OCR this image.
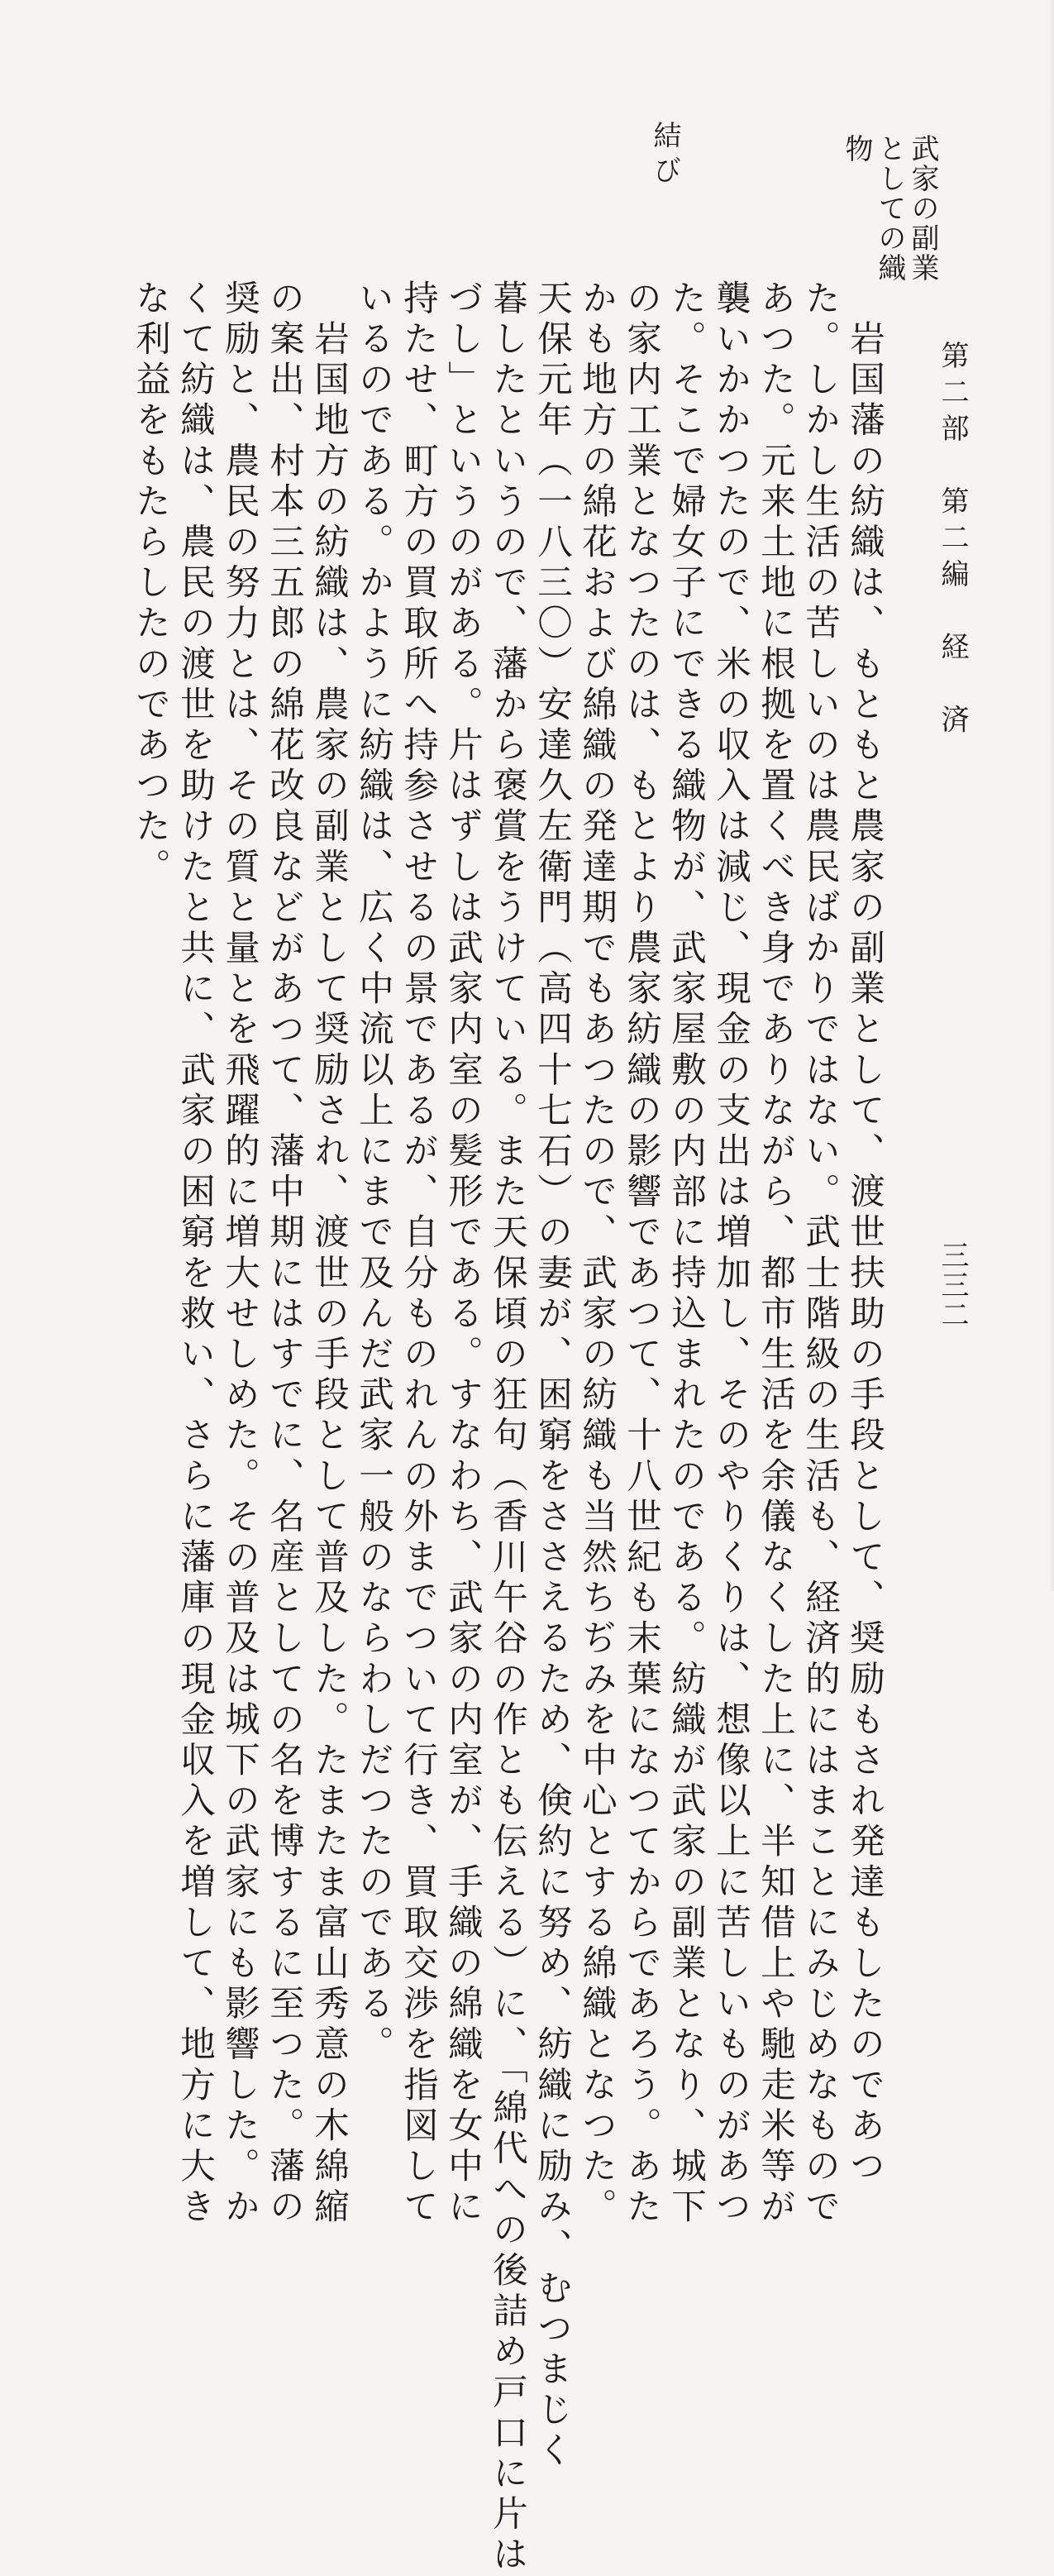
第二部　第二編　経　済
三三二
武家の副業
としての織
物
結び
　岩国藩の紡織は、もともと農家の副業として、渡世扶助の手段として、奨励もされ発達もしたのであつ
た。しかし生活の苦しいのは農民ばかりではない。武士階級の生活も、経済的にはまことにみじめなもので
あつた。元来土地に根拠を置くべき身でありながら、都市生活を余儀なくした上に、半知借上や馳走米等が
襲いかかつたので、米の収入は減じ、現金の支出は増加し、そのやりくりは、想像以上に苦しいものがあつ
た。そこで婦女子にできる織物が、武家屋敷の内部に持込まれたのである。紡織が武家の副業となり、城下
の家内工業となつたのは、もとより農家紡織の影響であつて、十八世紀も末葉になつてからであろう。あた
かも地方の綿花および綿織の発達期でもあつたので、武家の紡織も当然ちぢみを中心とする綿織となつた。
天保元年（一八三〇）安達久左衛門（高四十七石）の妻が、困窮をささえるため、倹約に努め、紡織に励み、むつまじく
暮したというので、藩から褒賞をうけている。また天保頃の狂句（香川午谷の作とも伝える）に、「綿代への後詰め戸口に片は
づし」というのがある。片はずしは武家内室の髪形である。すなわち、武家の内室が、手織の綿織を女中に
持たせ、町方の買取所へ持参させるの景であるが、自分ものれんの外までついて行き、買取交渉を指図して
いるのである。かように紡織は、広く中流以上にまで及んだ武家一般のならわしだつたのである。
　岩国地方の紡織は、農家の副業として奨励され、渡世の手段として普及した。たまたま富山秀意の木綿縮
の案出、村本三五郎の綿花改良などがあつて、藩中期にはすでに、名産としての名を博するに至つた。藩の
奨励と、農民の努力とは、その質と量とを飛躍的に増大せしめた。その普及は城下の武家にも影響した。か
くて紡織は、農民の渡世を助けたと共に、武家の困窮を救い、さらに藩庫の現金収入を増して、地方に大き
な利益をもたらしたのであつた。
